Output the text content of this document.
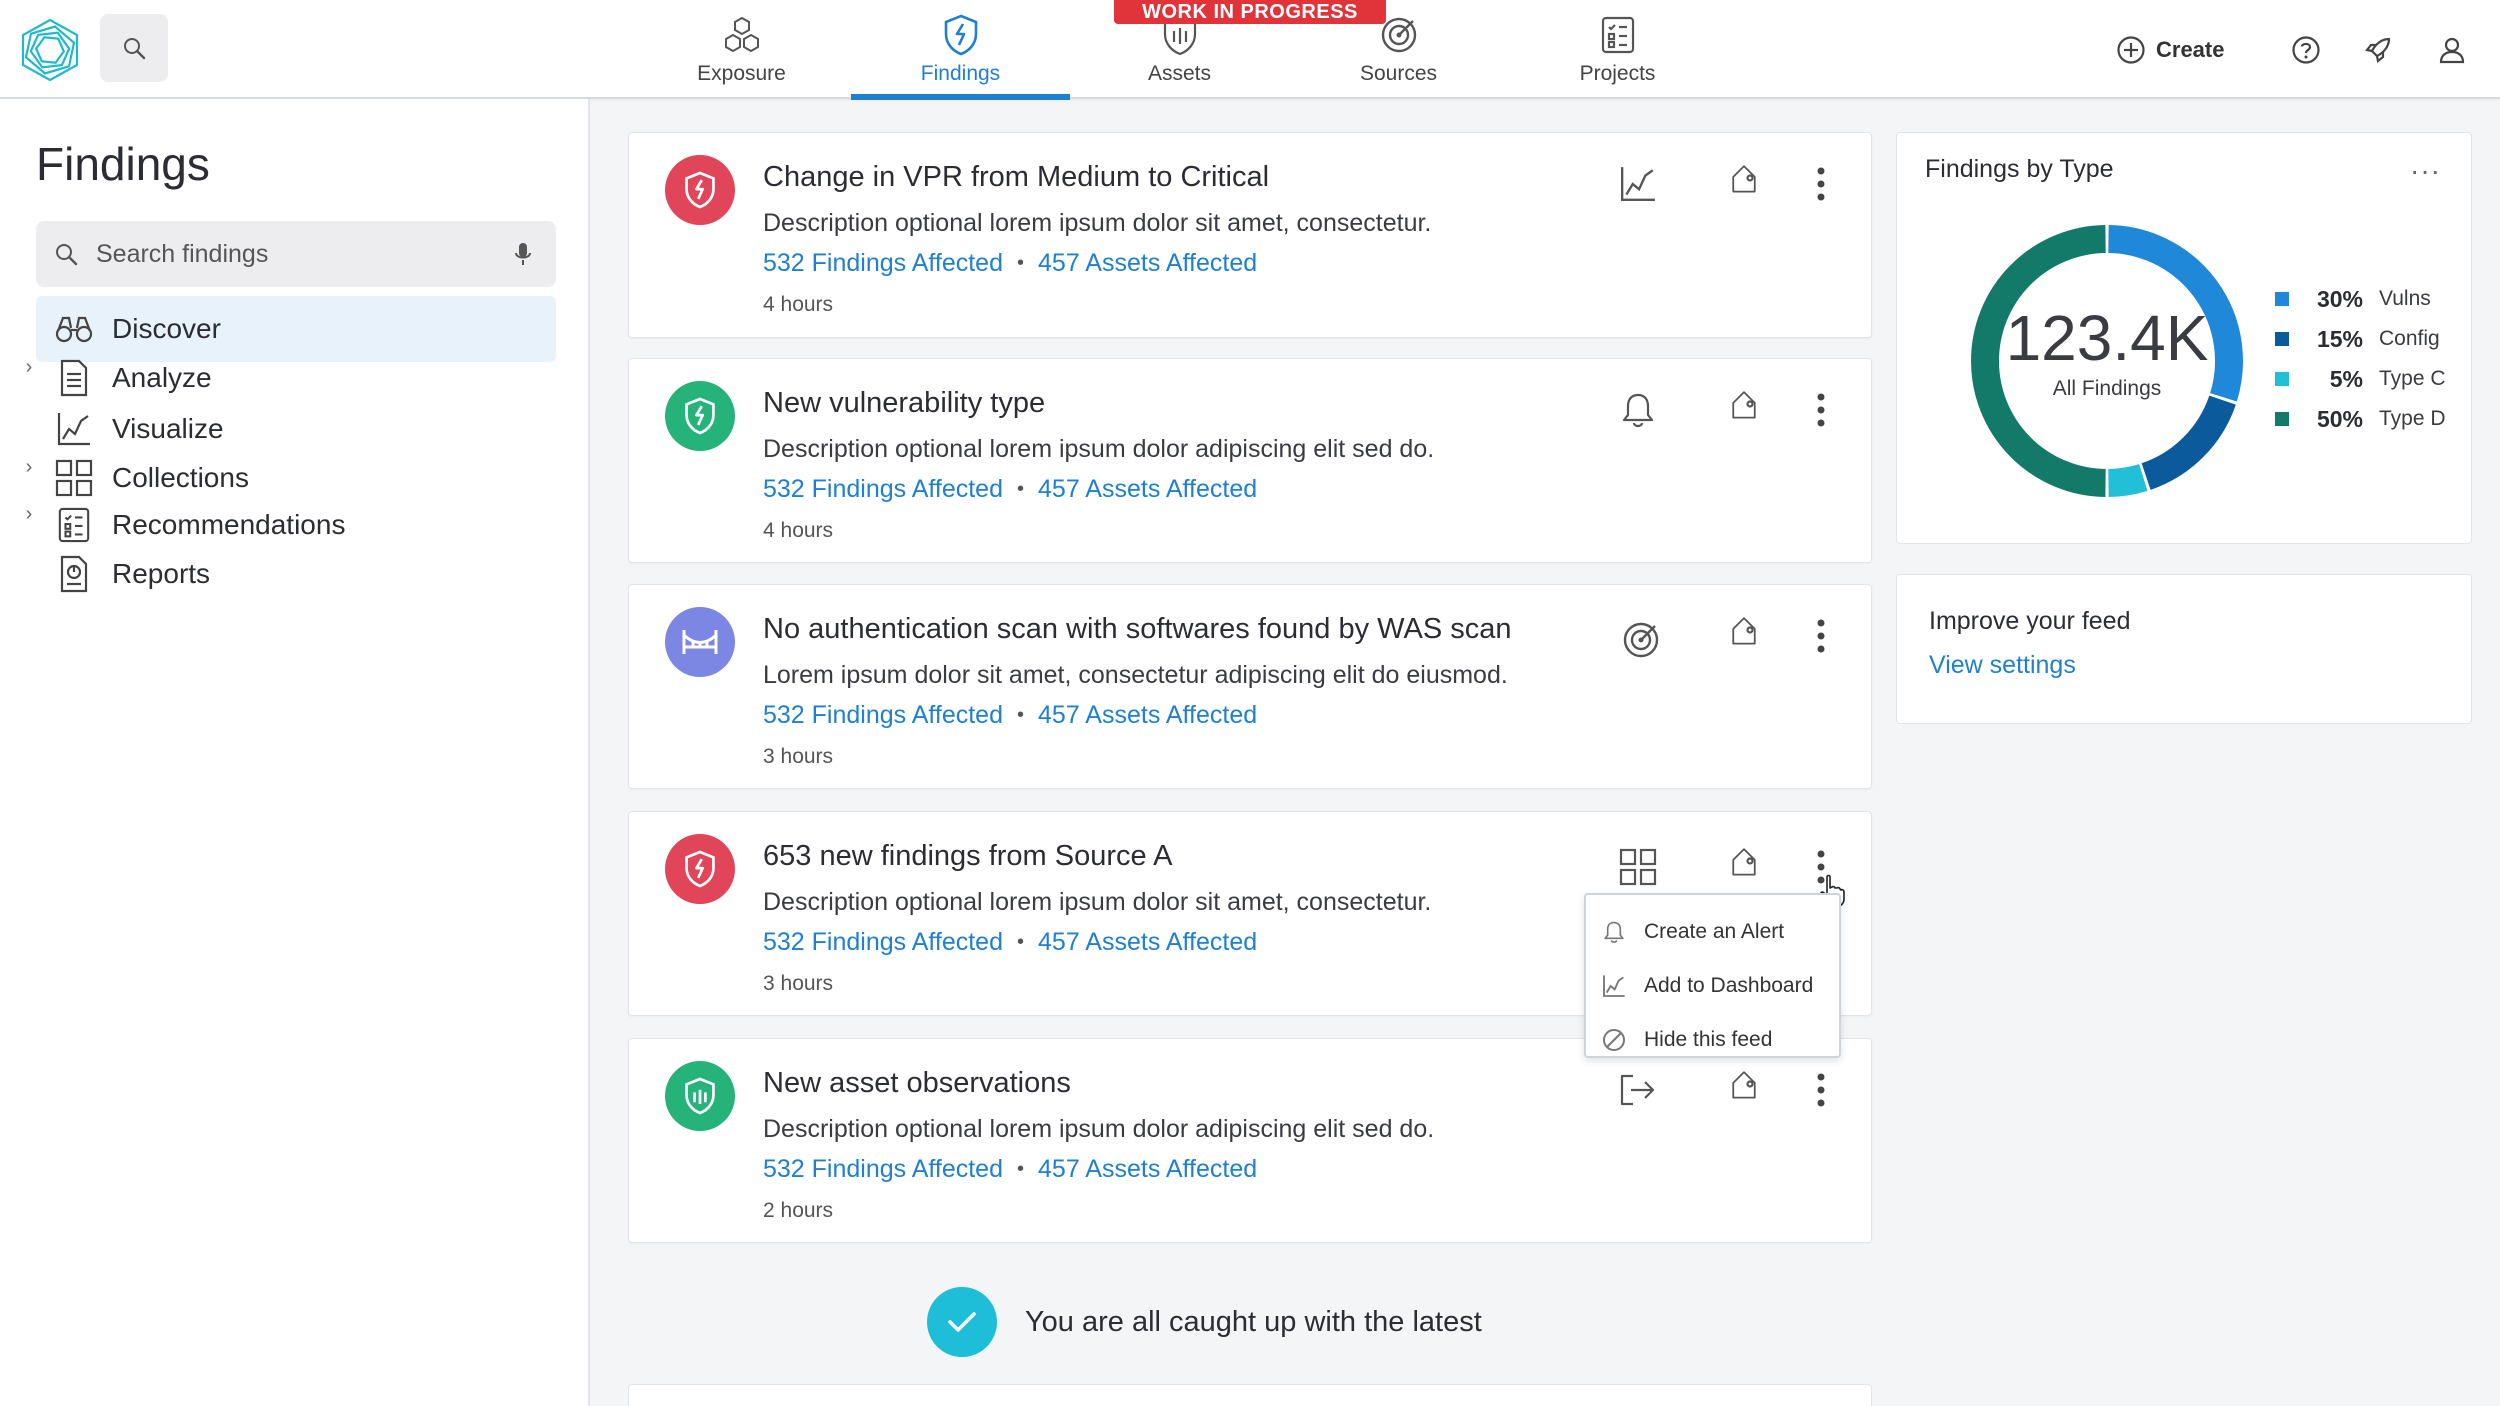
Exposure	Findings	Assets	Sources	Projects
WORK IN PROGRESS
Create
Findings
Search findings
Discover
›	Analyze
Visualize
›	Collections
›	Recommendations
Reports
Change in VPR from Medium to Critical
Description optional lorem ipsum dolor sit amet, consectetur.
532 Findings Affected • 457 Assets Affected
4 hours
New vulnerability type
Description optional lorem ipsum dolor adipiscing elit sed do.
532 Findings Affected • 457 Assets Affected
4 hours
No authentication scan with softwares found by WAS scan
Lorem ipsum dolor sit amet, consectetur adipiscing elit do eiusmod.
532 Findings Affected • 457 Assets Affected
3 hours
653 new findings from Source A
Description optional lorem ipsum dolor sit amet, consectetur.
532 Findings Affected • 457 Assets Affected
3 hours
New asset observations
Description optional lorem ipsum dolor adipiscing elit sed do.
532 Findings Affected • 457 Assets Affected
2 hours
Create an Alert
Add to Dashboard
Hide this feed
You are all caught up with the latest
Findings by Type	···
123.4K
All Findings
30% Vulns
15% Config
5% Type C
50% Type D
Improve your feed
View settings
